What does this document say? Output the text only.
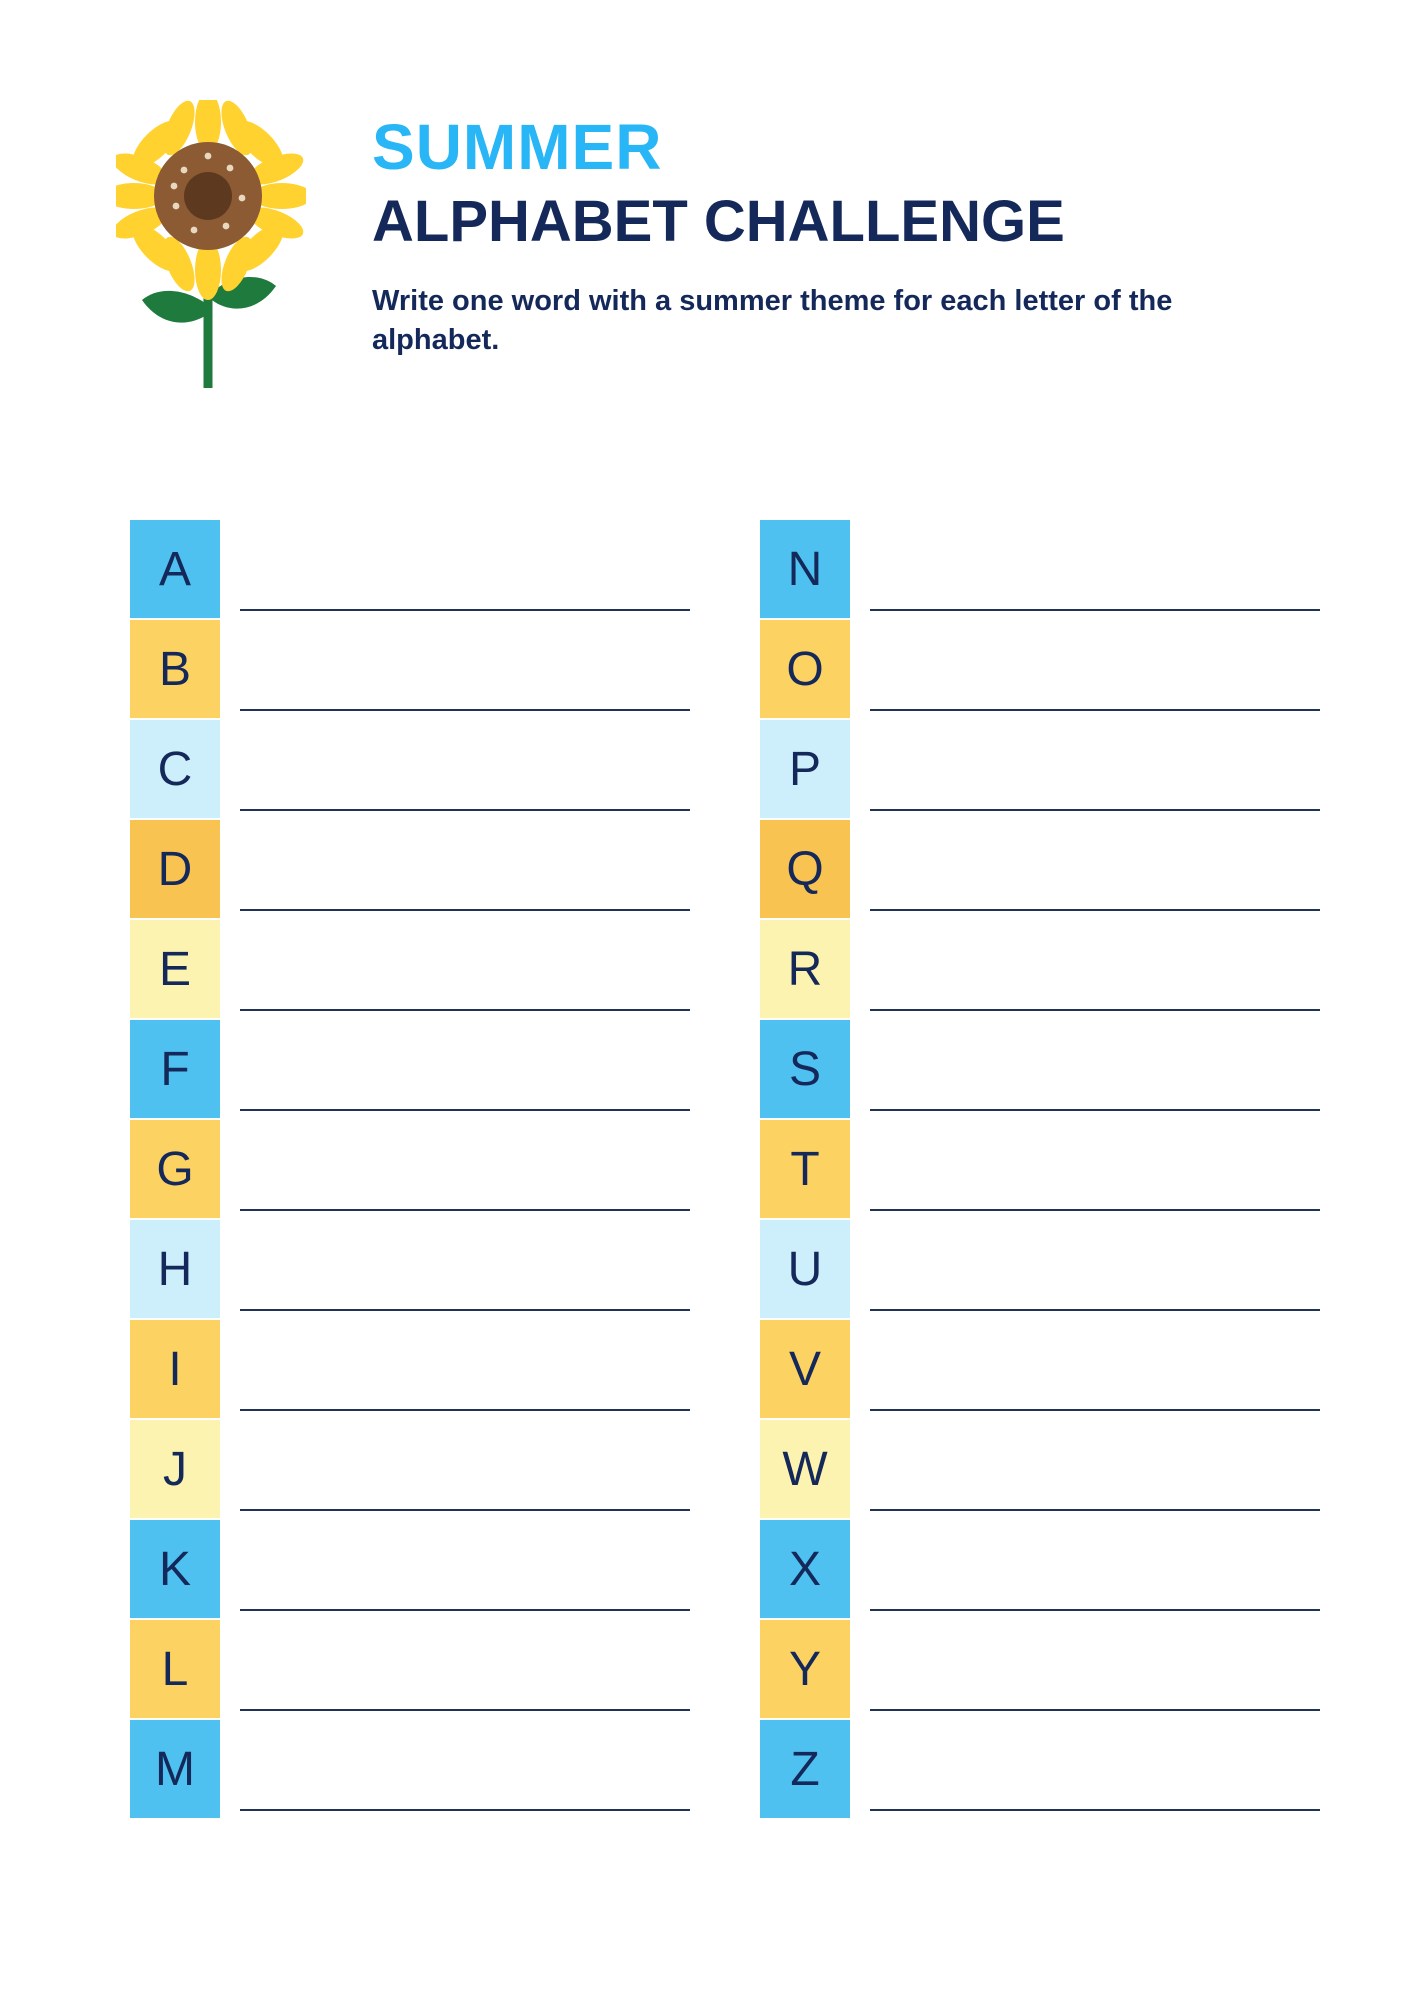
SUMMER
ALPHABET CHALLENGE

Write one word with a summer theme for each letter of the alphabet.

A
B
C
D
E
F
G
H
I
J
K
L
M
N
O
P
Q
R
S
T
U
V
W
X
Y
Z
